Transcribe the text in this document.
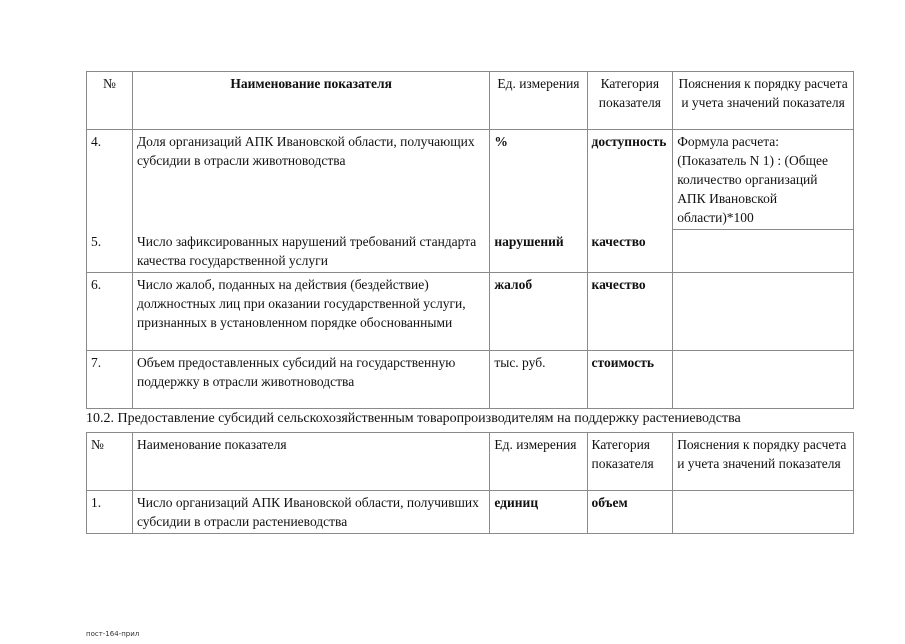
№	Наименование показателя	Ед. измерения	Категория показателя	Пояснения к порядку расчета и учета значений показателя
4.	Доля организаций АПК Ивановской области, получающих субсидии в отрасли животноводства	%	доступность	Формула расчета: (Показатель N 1) : (Общее количество организаций АПК Ивановской области)*100
5.	Число зафиксированных нарушений требований стандарта качества государственной услуги	нарушений	качество	
6.	Число жалоб, поданных на действия (бездействие) должностных лиц при оказании государственной услуги, признанных в установленном порядке обоснованными	жалоб	качество	
7.	Объем предоставленных субсидий на государственную поддержку в отрасли животноводства	тыс. руб.	стоимость	
10.2. Предоставление субсидий сельскохозяйственным товаропроизводителям на поддержку растениеводства
№	Наименование показателя	Ед. измерения	Категория показателя	Пояснения к порядку расчета и учета значений показателя
1.	Число организаций АПК Ивановской области, получивших субсидии в отрасли растениеводства	единиц	объем	
пост-164-прил
